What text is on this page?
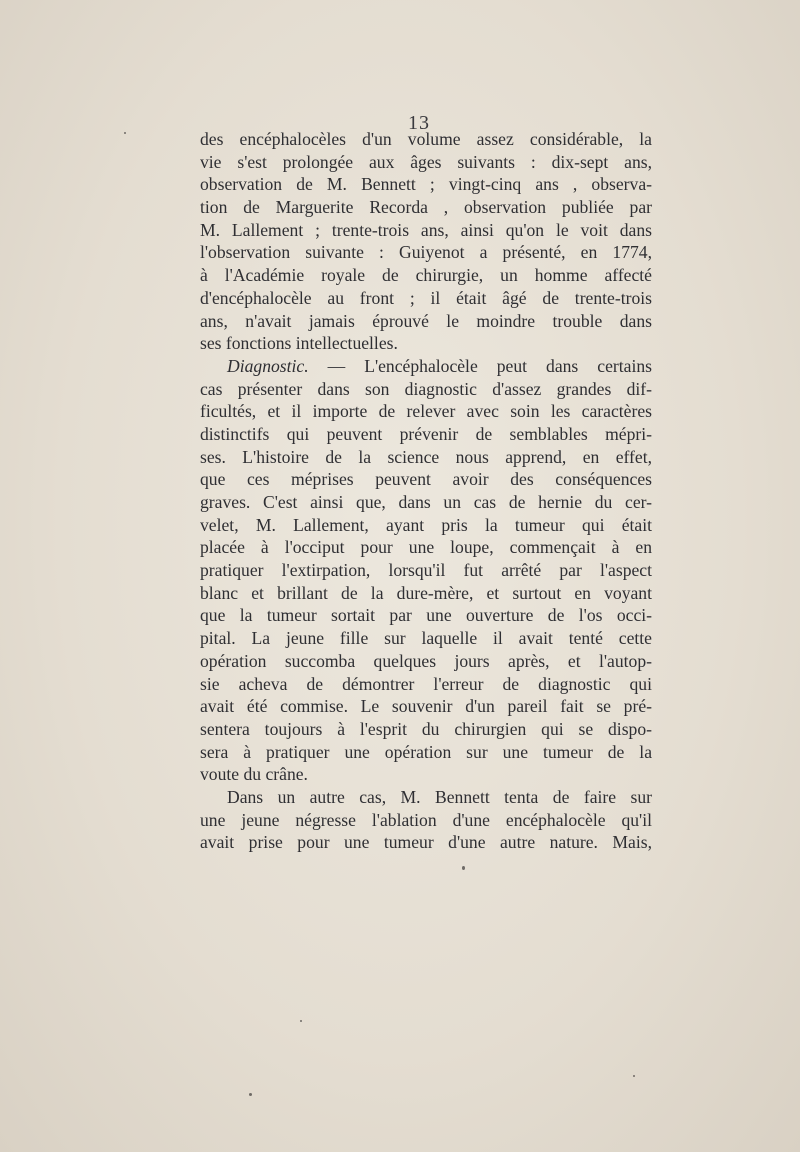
13
des encéphalocèles d'un volume assez considérable, la
vie s'est prolongée aux âges suivants : dix-sept ans,
observation de M. Bennett ; vingt-cinq ans , observa-
tion de Marguerite Recorda , observation publiée par
M. Lallement ; trente-trois ans, ainsi qu'on le voit dans
l'observation suivante : Guiyenot a présenté, en 1774,
à l'Académie royale de chirurgie, un homme affecté
d'encéphalocèle au front ; il était âgé de trente-trois
ans, n'avait jamais éprouvé le moindre trouble dans
ses fonctions intellectuelles.
Diagnostic. — L'encéphalocèle peut dans certains
cas présenter dans son diagnostic d'assez grandes dif-
ficultés, et il importe de relever avec soin les caractères
distinctifs qui peuvent prévenir de semblables mépri-
ses. L'histoire de la science nous apprend, en effet,
que ces méprises peuvent avoir des conséquences
graves. C'est ainsi que, dans un cas de hernie du cer-
velet, M. Lallement, ayant pris la tumeur qui était
placée à l'occiput pour une loupe, commençait à en
pratiquer l'extirpation, lorsqu'il fut arrêté par l'aspect
blanc et brillant de la dure-mère, et surtout en voyant
que la tumeur sortait par une ouverture de l'os occi-
pital. La jeune fille sur laquelle il avait tenté cette
opération succomba quelques jours après, et l'autop-
sie acheva de démontrer l'erreur de diagnostic qui
avait été commise. Le souvenir d'un pareil fait se pré-
sentera toujours à l'esprit du chirurgien qui se dispo-
sera à pratiquer une opération sur une tumeur de la
voute du crâne.
Dans un autre cas, M. Bennett tenta de faire sur
une jeune négresse l'ablation d'une encéphalocèle qu'il
avait prise pour une tumeur d'une autre nature. Mais,
